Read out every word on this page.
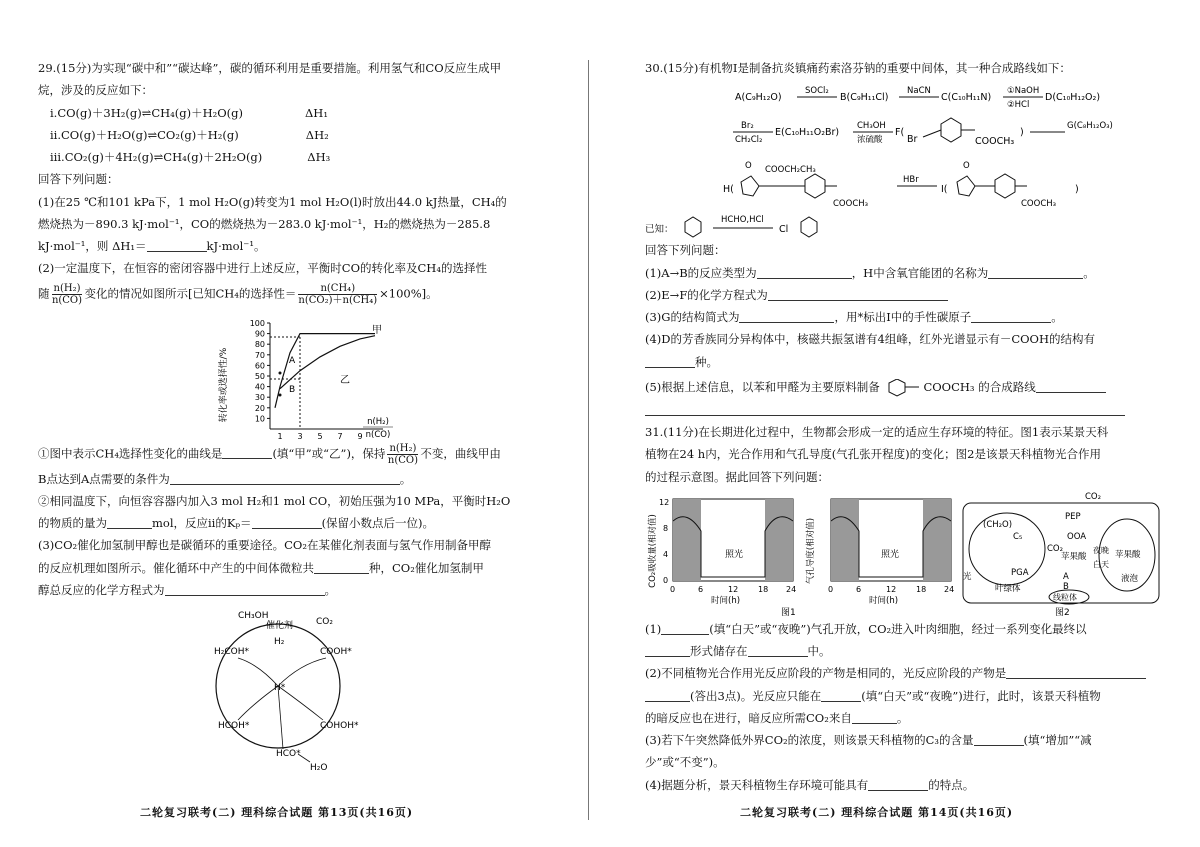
29.(15分)为实现“碳中和”“碳达峰”，碳的循环利用是重要措施。利用氢气和CO反应生成甲

烷，涉及的反应如下：

ⅰ.CO(g)＋3H₂(g)⇌CH₄(g)＋H₂O(g)	ΔH₁

ⅱ.CO(g)＋H₂O(g)⇌CO₂(g)＋H₂(g)	ΔH₂

ⅲ.CO₂(g)＋4H₂(g)⇌CH₄(g)＋2H₂O(g)	ΔH₃

回答下列问题：

(1)在25 ℃和101 kPa下，1 mol H₂O(g)转变为1 mol H₂O(l)时放出44.0 kJ热量，CH₄的

燃烧热为－890.3 kJ·mol⁻¹，CO的燃烧热为－283.0 kJ·mol⁻¹，H₂的燃烧热为－285.8

kJ·mol⁻¹，则 ΔH₁＝	kJ·mol⁻¹。

(2)一定温度下，在恒容的密闭容器中进行上述反应，平衡时CO的转化率及CH₄的选择性

随 $\frac{\text{n(H₂)}}{n(CO)}$ 变化的情况如图所示[已知CH₄的选择性＝ $\frac{\text{n(CH₄)}}{\text{n(CO₂)＋n(CH₄)}} \times 100\%$]。

转化率或选择性/%	10
20
30
40
50
60
70
80
90
100
1 3 5 7 9
甲
乙
A
B
n(H₂)
n(CO)

①图中表示CH₄选择性变化的曲线是	(填“甲”或“乙”)，保持 $\frac{\text{n(H₂)}}{n(CO)}$ 不变，曲线甲由

B点达到A点需要的条件为	。

②相同温度下，向恒容容器内加入3 mol H₂和1 mol CO，初始压强为10 MPa，平衡时H₂O

的物质的量为	mol，反应ⅱ的Kₚ＝	(保留小数点后一位)。

(3)CO₂催化加氢制甲醇也是碳循环的重要途径。CO₂在某催化剂表面与氢气作用制备甲醇

的反应机理如图所示。催化循环中产生的中间体微粒共	种，CO₂催化加氢制甲

醇总反应的化学方程式为	。

CH₃OH
催化剂	CO₂
H₂
COOH*
H₂COH*
H*
HCOH*	COHOH*
HCO*
H₂O
二轮复习联考(二) 理科综合试题 第13页(共16页)

30.(15分)有机物Ⅰ是制备抗炎镇痛药索洛芬钠的重要中间体，其一种合成路线如下：

A(C₉H₁₂O)
SOCl₂
B(C₉H₁₁Cl)
NaCN
C(C₁₀H₁₁N)
①NaOH
②HCl
D(C₁₀H₁₂O₂)
Br₂
CH₂Cl₂
E(C₁₀H₁₁O₂Br)
CH₃OH
浓硫酸
F(
Br	COOCH₃
)
G(C₈H₁₂O₃)
H(
O COOCH₂CH₃
COOCH₃
HBr
I(
O
COOCH₃
)
已知：
HCHO,HCl
Cl

回答下列问题：

(1)A→B的反应类型为	，H中含氧官能团的名称为	。

(2)E→F的化学方程式为

(3)G的结构简式为	，用*标出Ⅰ中的手性碳原子	。

(4)D的芳香族同分异构体中，核磁共振氢谱有4组峰，红外光谱显示有－COOH的结构有

种。

(5)根据上述信息，以苯和甲醛为主要原料制备	COOCH₃ 的合成路线

31.(11分)在长期进化过程中，生物都会形成一定的适应生存环境的特征。图1表示某景天科

植物在24 h内，光合作用和气孔导度(气孔张开程度)的变化；图2是该景天科植物光合作用

的过程示意图。据此回答下列问题：

CO₂吸收量(相对值)	照光
0
4
8
12
0	6	12 18 24
时间(h)
气孔导度(相对值)	照光
0	6	12 18 24
时间(h)
图1
CO₂
PEP
OOA
(CH₂O)
C₅
CO₂
苹果酸
夜晚
白天
苹果酸
液泡
PGA
光
叶绿体
A
B
线粒体
图2

(1)	(填“白天”或“夜晚”)气孔开放，CO₂进入叶肉细胞，经过一系列变化最终以

形式储存在	中。

(2)不同植物光合作用光反应阶段的产物是相同的，光反应阶段的产物是

(答出3点)。光反应只能在	(填“白天”或“夜晚”)进行，此时，该景天科植物

的暗反应也在进行，暗反应所需CO₂来自	。

(3)若下午突然降低外界CO₂的浓度，则该景天科植物的C₃的含量	(填“增加”“减

少”或“不变”)。

(4)据题分析，景天科植物生存环境可能具有	的特点。

二轮复习联考(二) 理科综合试题 第14页(共16页)
